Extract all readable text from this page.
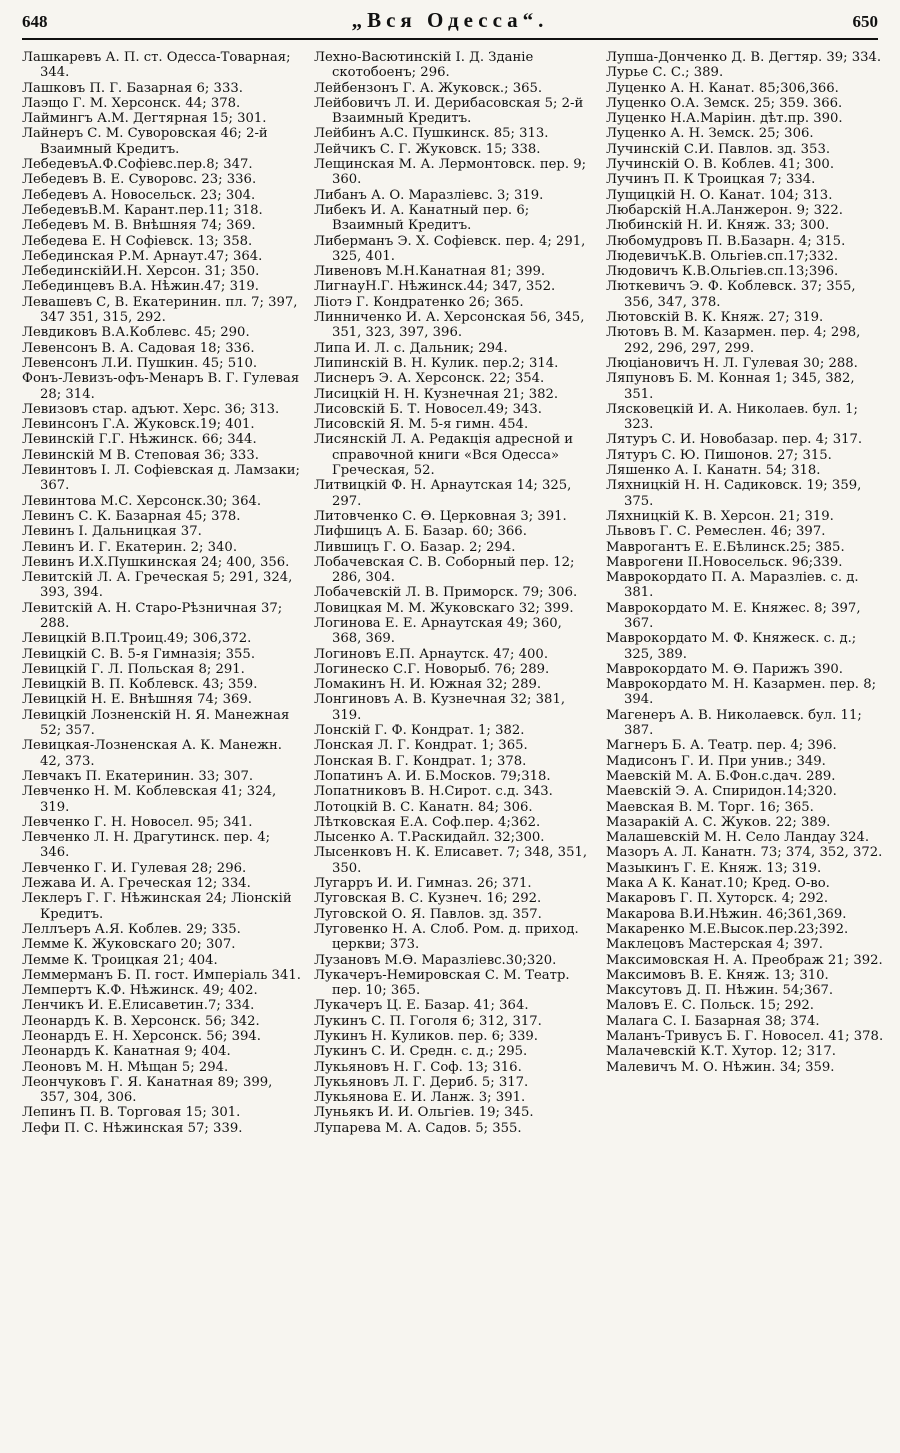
648	„Вся Одесса“.	650
Лашкаревъ А. П. ст. Одесса-Товарная; 344.
Лашковъ П. Г. Базарная 6; 333.
Лаэщо Г. М. Херсонск. 44; 378.
Лаймингъ А.М. Дегтярная 15; 301.
Лайнеръ С. М. Суворовская 46; 2-й Взаимный Кредитъ.
ЛебедевъА.Ф.Софiевс.пер.8; 347.
Лебедевъ В. Е. Суворовс. 23; 336.
Лебедевъ А. Новосельск. 23; 304.
ЛебедевъВ.М. Карант.пер.11; 318.
Лебедевъ М. В. Внѣшняя 74; 369.
Лебедева Е. Н Софiевск. 13; 358.
Лебединская Р.М. Арнаут.47; 364.
ЛебединскiйИ.Н. Херсон. 31; 350.
Лебединцевъ В.А. Нѣжин.47; 319.
Левашевъ С, В. Екатеринин. пл. 7; 397, 347 351, 315, 292.
Левдиковъ В.А.Коблевс. 45; 290.
Левенсонъ В. А. Садовая 18; 336.
Левенсонъ Л.И. Пушкин. 45; 510.
Фонъ-Левизъ-офъ-Менаръ В. Г. Гулевая 28; 314.
Левизовъ стар. адъют. Херс. 36; 313.
Левинсонъ Г.А. Жуковск.19; 401.
Левинскiй Г.Г. Нѣжинск. 66; 344.
Левинскiй М В. Степовая 36; 333.
Левинтовъ І. Л. Софiевская д. Ламзаки; 367.
Левинтова М.С. Херсонск.30; 364.
Левинъ С. К. Базарная 45; 378.
Левинъ І. Дальницкая 37.
Левинъ И. Г. Екатерин. 2; 340.
Левинъ И.Х.Пушкинская 24; 400, 356.
Левитскiй Л. А. Греческая 5; 291, 324, 393, 394.
Левитскiй А. Н. Старо-Рѣзничная 37; 288.
Левицкiй В.П.Троиц.49; 306,372.
Левицкiй С. В. 5-я Гимназiя; 355.
Левицкiй Г. Л. Польская 8; 291.
Левицкiй В. П. Коблевск. 43; 359.
Левицкiй Н. Е. Внѣшняя 74; 369.
Левицкiй Лозненскiй Н. Я. Манежная 52; 357.
Левицкая-Лозненская А. К. Манежн. 42, 373.
Левчакъ П. Екатеринин. 33; 307.
Левченко Н. М. Коблевская 41; 324, 319.
Левченко Г. Н. Новосел. 95; 341.
Левченко Л. Н. Драгутинск. пер. 4; 346.
Левченко Г. И. Гулевая 28; 296.
Лежава И. А. Греческая 12; 334.
Леклеръ Г. Г. Нѣжинская 24; Лiонскiй Кредитъ.
Леллъеръ А.Я. Коблев. 29; 335.
Лемме К. Жуковскаго 20; 307.
Лемме К. Троицкая 21; 404.
Леммерманъ Б. П. гост. Имперiаль 341.
Лемпертъ К.Ф. Нѣжинск. 49; 402.
Ленчикъ И. Е.Елисаветин.7; 334.
Леонардъ К. В. Херсонск. 56; 342.
Леонардъ Е. Н. Херсонск. 56; 394.
Леонардъ К. Канатная 9; 404.
Леоновъ М. Н. Мѣщан 5; 294.
Леончуковъ Г. Я. Канатная 89; 399, 357, 304, 306.
Лепинъ П. В. Торговая 15; 301.
Лефи П. С. Нѣжинская 57; 339.
Лехно-Васютинскiй І. Д. Зданiе скотобоенъ; 296.
Лейбензонъ Г. А. Жуковск.; 365.
Лейбовичъ Л. И. Дерибасовская 5; 2-й Взаимный Кредитъ.
Лейбинъ А.С. Пушкинск. 85; 313.
Лейчикъ С. Г. Жуковск. 15; 338.
Лещинская М. А. Лермонтовск. пер. 9; 360.
Либанъ А. О. Маразлiевс. 3; 319.
Либекъ И. А. Канатный пер. 6; Взаимный Кредитъ.
Либерманъ Э. Х. Софiевск. пер. 4; 291, 325, 401.
Ливеновъ М.Н.Канатная 81; 399.
ЛигнауН.Г. Нѣжинск.44; 347, 352.
Лiотэ Г. Кондратенко 26; 365.
Линниченко И. А. Херсонская 56, 345, 351, 323, 397, 396.
Липа И. Л. с. Дальник; 294.
Липинскiй В. Н. Кулик. пер.2; 314.
Лиснеръ Э. А. Херсонск. 22; 354.
Лисицкiй Н. Н. Кузнечная 21; 382.
Лисовскiй Б. Т. Новосел.49; 343.
Лисовскiй Я. М. 5-я гимн. 454.
Лисянскiй Л. А. Редакцiя адресной и справочной книги «Вся Одесса» Греческая, 52.
Литвицкiй Ф. Н. Арнаутская 14; 325, 297.
Литовченко С. Ѳ. Церковная 3; 391.
Лифшицъ А. Б. Базар. 60; 366.
Лившицъ Г. О. Базар. 2; 294.
Лобачевская С. В. Соборный пер. 12; 286, 304.
Лобачевскiй Л. В. Приморск. 79; 306.
Ловицкая М. М. Жуковскаго 32; 399.
Логинова Е. Е. Арнаутская 49; 360, 368, 369.
Логиновъ Е.П. Арнаутск. 47; 400.
Логинеско С.Г. Новорыб. 76; 289.
Ломакинъ Н. И. Южная 32; 289.
Лонгиновъ А. В. Кузнечная 32; 381, 319.
Лонскiй Г. Ф. Кондрат. 1; 382.
Лонская Л. Г. Кондрат. 1; 365.
Лонская В. Г. Кондрат. 1; 378.
Лопатинъ А. И. Б.Москов. 79;318.
Лопатниковъ В. Н.Сирот. с.д. 343.
Лотоцкiй В. С. Канатн. 84; 306.
Лѣтковская Е.А. Соф.пер. 4;362.
Лысенко А. Т.Раскидайл. 32;300.
Лысенковъ Н. К. Елисавет. 7; 348, 351, 350.
Лугарръ И. И. Гимназ. 26; 371.
Луговская В. С. Кузнеч. 16; 292.
Луговской О. Я. Павлов. зд. 357.
Луговенко Н. А. Слоб. Ром. д. приход. церкви; 373.
Лузановъ М.Ѳ. Маразлiевс.30;320.
Лукачеръ-Немировская С. М. Театр. пер. 10; 365.
Лукачеръ Ц. Е. Базар. 41; 364.
Лукинъ С. П. Гоголя 6; 312, 317.
Лукинъ Н. Куликов. пер. 6; 339.
Лукинъ С. И. Средн. с. д.; 295.
Лукьяновъ Н. Г. Соф. 13; 316.
Лукьяновъ Л. Г. Дериб. 5; 317.
Лукьянова Е. И. Ланж. 3; 391.
Луньякъ И. И. Ольгiев. 19; 345.
Лупарева М. А. Садов. 5; 355.
Лупша-Донченко Д. В. Дегтяр. 39; 334.
Лурье С. С.; 389.
Луценко А. Н. Канат. 85;306,366.
Луценко О.А. Земск. 25; 359. 366.
Луценко Н.А.Марiин. дѣт.пр. 390.
Луценко А. Н. Земск. 25; 306.
Лучинскiй С.И. Павлов. зд. 353.
Лучинскiй О. В. Коблев. 41; 300.
Лучинъ П. К Троицкая 7; 334.
Лущицкiй Н. О. Канат. 104; 313.
Любарскiй Н.А.Ланжерон. 9; 322.
Любинскiй Н. И. Княж. 33; 300.
Любомудровъ П. В.Базарн. 4; 315.
ЛюдевичъК.В. Ольгiев.сп.17;332.
Людовичъ К.В.Ольгiев.сп.13;396.
Люткевичъ Э. Ф. Коблевск. 37; 355, 356, 347, 378.
Лютовскiй В. К. Княж. 27; 319.
Лютовъ В. М. Казармен. пер. 4; 298, 292, 296, 297, 299.
Люцiановичъ Н. Л. Гулевая 30; 288.
Ляпуновъ Б. М. Конная 1; 345, 382, 351.
Лясковецкiй И. А. Николаев. бул. 1; 323.
Лятуръ С. И. Новобазар. пер. 4; 317.
Лятуръ С. Ю. Пишонов. 27; 315.
Ляшенко А. І. Канатн. 54; 318.
Ляхницкiй Н. Н. Садиковск. 19; 359, 375.
Ляхницкiй К. В. Херсон. 21; 319.
Львовъ Г. С. Ремеслен. 46; 397.
Маврогантъ Е. Е.Бѣлинск.25; 385.
Маврогени II.Новосельск. 96;339.
Маврокордато П. А. Маразлiев. с. д. 381.
Маврокордато М. Е. Княжес. 8; 397, 367.
Маврокордато М. Ф. Княжеск. с. д.; 325, 389.
Маврокордато М. Ѳ. Парижъ 390.
Маврокордато М. Н. Казармен. пер. 8; 394.
Магенеръ А. В. Николаевск. бул. 11; 387.
Магнеръ Б. А. Театр. пер. 4; 396.
Мадисонъ Г. И. При унив.; 349.
Маевскiй М. А. Б.Фон.с.дач. 289.
Маевскiй Э. А. Спиридон.14;320.
Маевская В. М. Торг. 16; 365.
Мазаракiй А. С. Жуков. 22; 389.
Малашевскiй М. Н. Село Ландау 324.
Мазоръ А. Л. Канатн. 73; 374, 352, 372.
Мазыкинъ Г. Е. Княж. 13; 319.
Мака А К. Канат.10; Кред. О-во.
Макаровъ Г. П. Хуторск. 4; 292.
Макарова В.И.Нѣжин. 46;361,369.
Макаренко М.Е.Высок.пер.23;392.
Маклецовъ Мастерская 4; 397.
Максимовская Н. А. Преображ 21; 392.
Максимовъ В. Е. Княж. 13; 310.
Максутовъ Д. П. Нѣжин. 54;367.
Маловъ Е. С. Польск. 15; 292.
Малага С. І. Базарная 38; 374.
Маланъ-Тривусъ Б. Г. Новосел. 41; 378.
Малачевскiй К.Т. Хутор. 12; 317.
Малевичъ М. О. Нѣжин. 34; 359.
